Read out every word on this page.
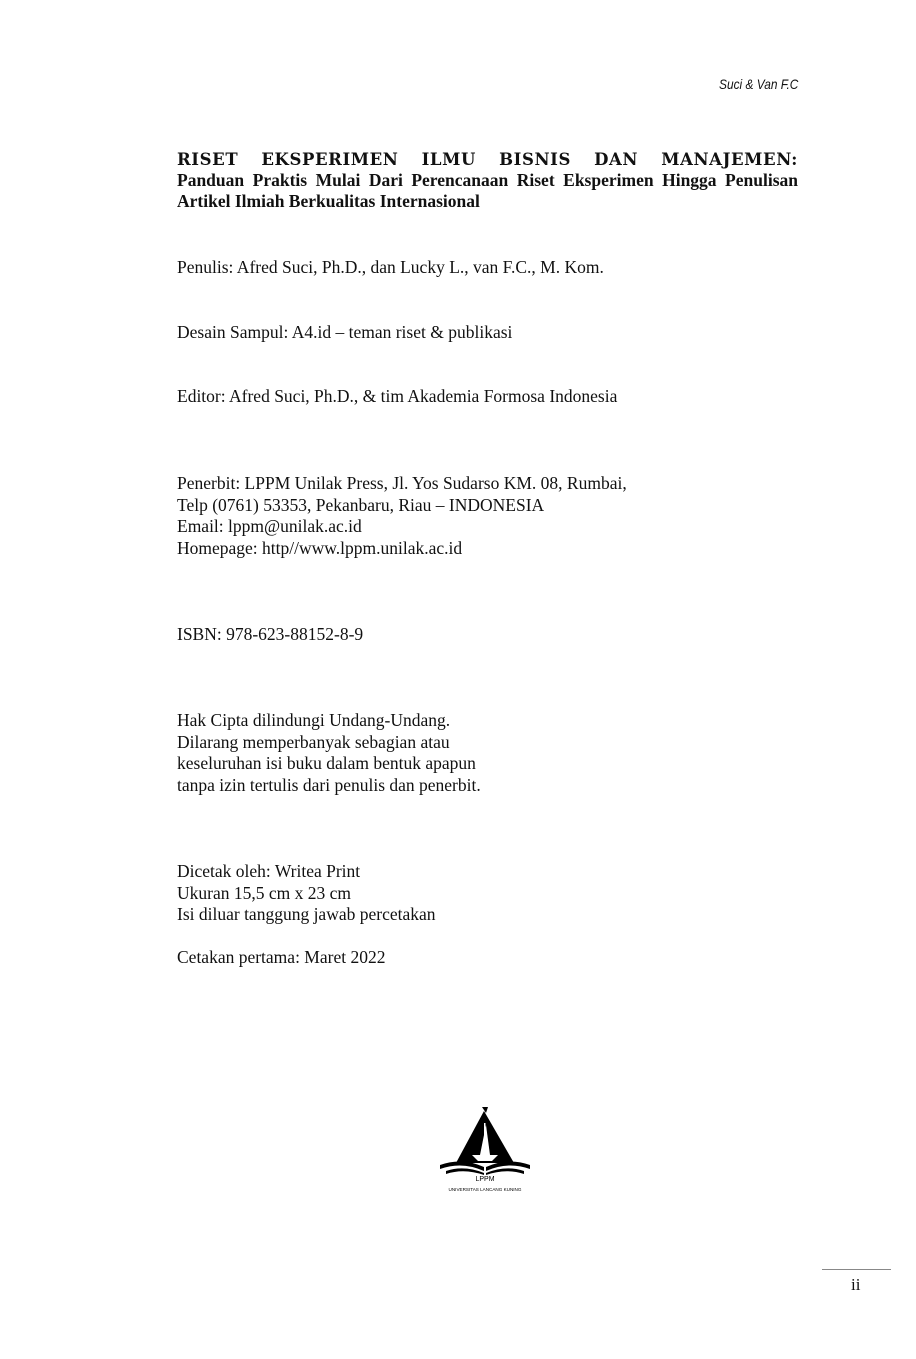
Suci & Van F.C

RISET EKSPERIMEN ILMU BISNIS DAN MANAJEMEN:

Panduan Praktis Mulai Dari Perencanaan Riset Eksperimen Hingga Penulisan Artikel Ilmiah Berkualitas Internasional

Penulis: Afred Suci, Ph.D., dan Lucky L., van F.C., M. Kom.

Desain Sampul: A4.id – teman riset & publikasi

Editor: Afred Suci, Ph.D., & tim Akademia Formosa Indonesia

Penerbit: LPPM Unilak Press, Jl. Yos Sudarso KM. 08, Rumbai,
Telp (0761) 53353, Pekanbaru, Riau – INDONESIA
Email: lppm@unilak.ac.id
Homepage: http//www.lppm.unilak.ac.id

ISBN: 978-623-88152-8-9

Hak Cipta dilindungi Undang-Undang.
Dilarang memperbanyak sebagian atau
keseluruhan isi buku dalam bentuk apapun
tanpa izin tertulis dari penulis dan penerbit.
Dicetak oleh: Writea Print
Ukuran 15,5 cm x 23 cm
Isi diluar tanggung jawab percetakan

Cetakan pertama: Maret 2022

LPPM
UNIVERSITAS LANCANG KUNING
ii
